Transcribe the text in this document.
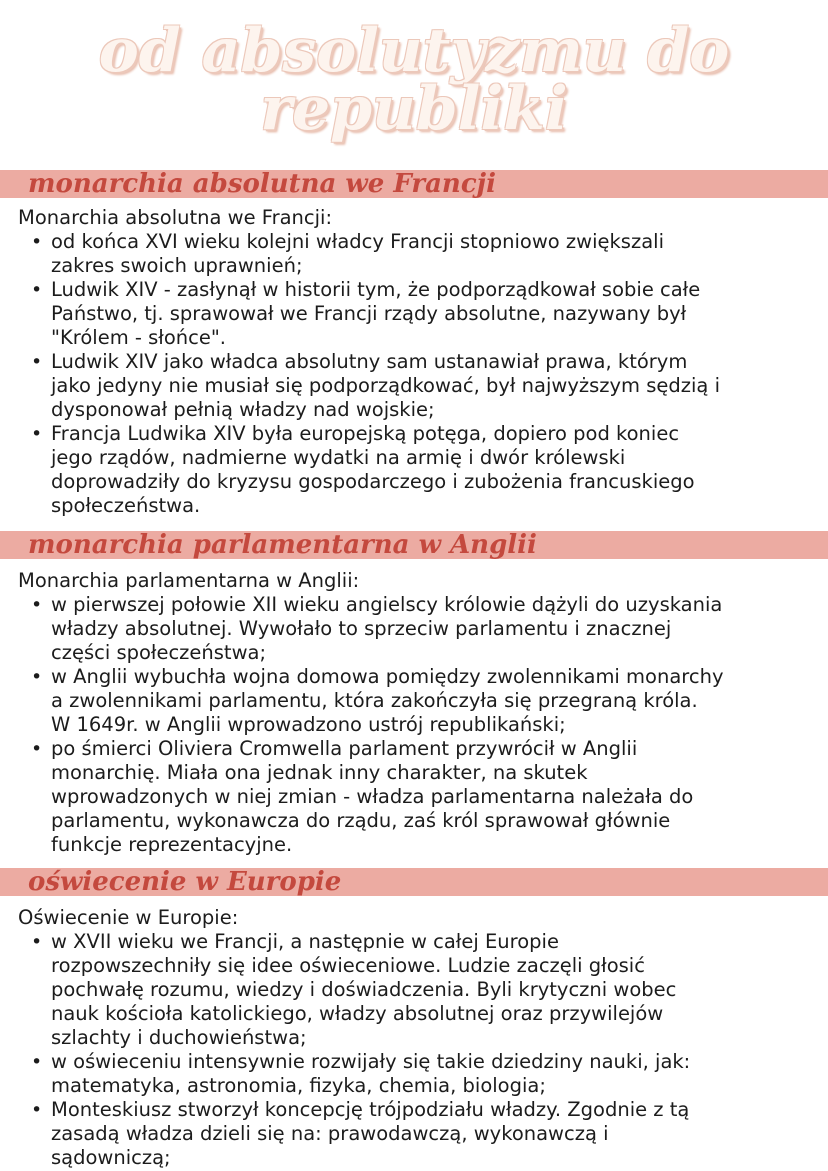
od absolutyzmu do
republiki
monarchia absolutna we Francji

Monarchia absolutna we Francji:

• od końca XVI wieku kolejni władcy Francji stopniowo zwiększali
zakres swoich uprawnień;
• Ludwik XIV - zasłynął w historii tym, że podporządkował sobie całe
Państwo, tj. sprawował we Francji rządy absolutne, nazywany był
"Królem - słońce".
• Ludwik XIV jako władca absolutny sam ustanawiał prawa, którym
jako jedyny nie musiał się podporządkować, był najwyższym sędzią i
dysponował pełnią władzy nad wojskie;
• Francja Ludwika XIV była europejską potęga, dopiero pod koniec
jego rządów, nadmierne wydatki na armię i dwór królewski
doprowadziły do kryzysu gospodarczego i zubożenia francuskiego
społeczeństwa.
monarchia parlamentarna w Anglii

Monarchia parlamentarna w Anglii:

• w pierwszej połowie XII wieku angielscy królowie dążyli do uzyskania
władzy absolutnej. Wywołało to sprzeciw parlamentu i znacznej
części społeczeństwa;
• w Anglii wybuchła wojna domowa pomiędzy zwolennikami monarchy
a zwolennikami parlamentu, która zakończyła się przegraną króla.
W 1649r. w Anglii wprowadzono ustrój republikański;
• po śmierci Oliviera Cromwella parlament przywrócił w Anglii
monarchię. Miała ona jednak inny charakter, na skutek
wprowadzonych w niej zmian - władza parlamentarna należała do
parlamentu, wykonawcza do rządu, zaś król sprawował głównie
funkcje reprezentacyjne.
oświecenie w Europie

Oświecenie w Europie:

• w XVII wieku we Francji, a następnie w całej Europie
rozpowszechniły się idee oświeceniowe. Ludzie zaczęli głosić
pochwałę rozumu, wiedzy i doświadczenia. Byli krytyczni wobec
nauk kościoła katolickiego, władzy absolutnej oraz przywilejów
szlachty i duchowieństwa;
• w oświeceniu intensywnie rozwijały się takie dziedziny nauki, jak:
matematyka, astronomia, fizyka, chemia, biologia;
• Monteskiusz stworzył koncepcję trójpodziału władzy. Zgodnie z tą
zasadą władza dzieli się na: prawodawczą, wykonawczą i
sądowniczą;
